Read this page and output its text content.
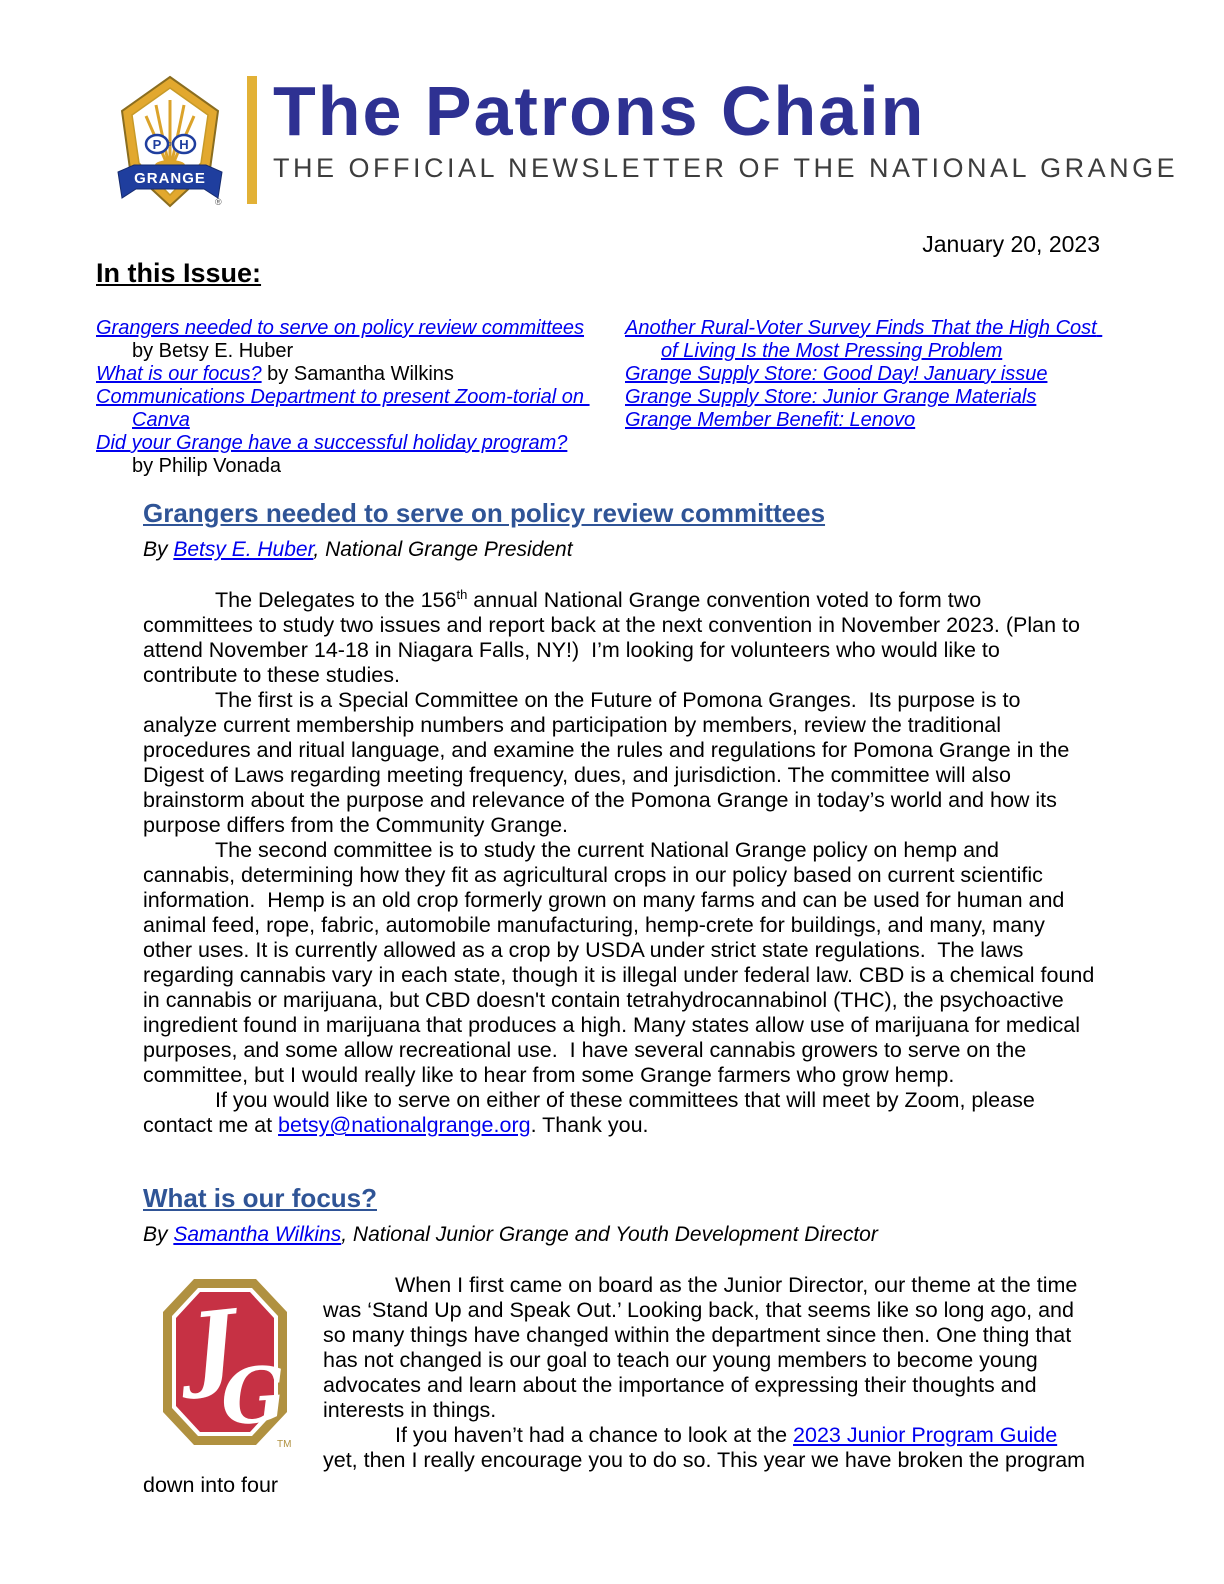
P of H
GRANGE
®
The Patrons Chain
THE OFFICIAL NEWSLETTER OF THE NATIONAL GRANGE
January 20, 2023
In this Issue:
Grangers needed to serve on policy review committees by Betsy E. Huber
What is our focus? by Samantha Wilkins
Communications Department to present Zoom-torial on Canva
Did your Grange have a successful holiday program? by Philip Vonada
Another Rural-Voter Survey Finds That the High Cost of Living Is the Most Pressing Problem
Grange Supply Store: Good Day! January issue
Grange Supply Store: Junior Grange Materials
Grange Member Benefit: Lenovo
Grangers needed to serve on policy review committees

By Betsy E. Huber, National Grange President

The Delegates to the 156th annual National Grange convention voted to form two committees to study two issues and report back at the next convention in November 2023. (Plan to attend November 14-18 in Niagara Falls, NY!)  I’m looking for volunteers who would like to contribute to these studies.

The first is a Special Committee on the Future of Pomona Granges.  Its purpose is to analyze current membership numbers and participation by members, review the traditional procedures and ritual language, and examine the rules and regulations for Pomona Grange in the Digest of Laws regarding meeting frequency, dues, and jurisdiction. The committee will also brainstorm about the purpose and relevance of the Pomona Grange in today’s world and how its purpose differs from the Community Grange.

The second committee is to study the current National Grange policy on hemp and cannabis, determining how they fit as agricultural crops in our policy based on current scientific information.  Hemp is an old crop formerly grown on many farms and can be used for human and animal feed, rope, fabric, automobile manufacturing, hemp-crete for buildings, and many, many other uses. It is currently allowed as a crop by USDA under strict state regulations.  The laws regarding cannabis vary in each state, though it is illegal under federal law. CBD is a chemical found in cannabis or marijuana, but CBD doesn't contain tetrahydrocannabinol (THC), the psychoactive ingredient found in marijuana that produces a high. Many states allow use of marijuana for medical purposes, and some allow recreational use.  I have several cannabis growers to serve on the committee, but I would really like to hear from some Grange farmers who grow hemp.

If you would like to serve on either of these committees that will meet by Zoom, please contact me at betsy@nationalgrange.org. Thank you.

What is our focus?

By Samantha Wilkins, National Junior Grange and Youth Development Director

J
G
TM

When I first came on board as the Junior Director, our theme at the time was ‘Stand Up and Speak Out.’ Looking back, that seems like so long ago, and so many things have changed within the department since then. One thing that has not changed is our goal to teach our young members to become young advocates and learn about the importance of expressing their thoughts and interests in things.

If you haven’t had a chance to look at the 2023 Junior Program Guide yet, then I really encourage you to do so. This year we have broken the program down into four
